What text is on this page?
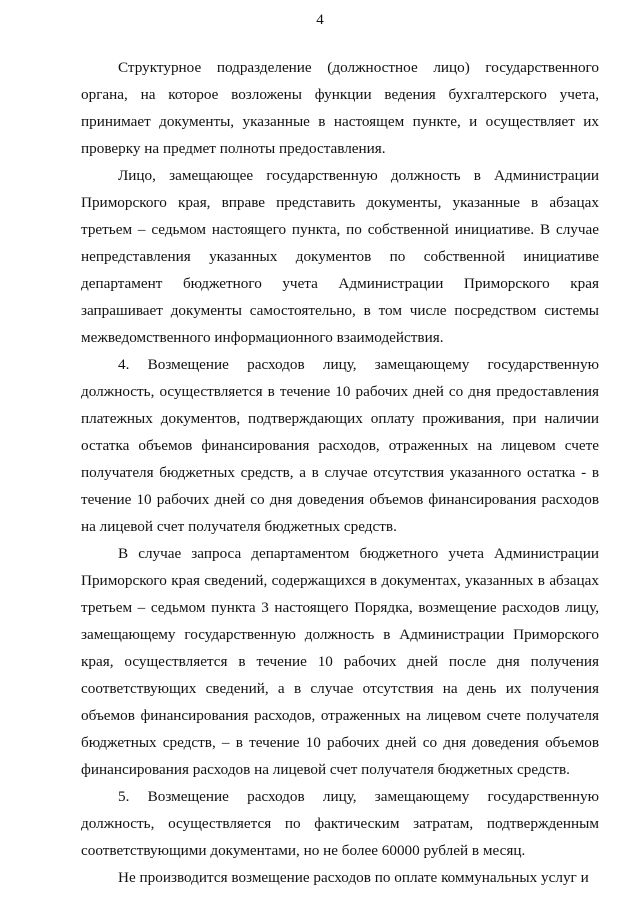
4

Структурное подразделение (должностное лицо) государственного органа, на которое возложены функции ведения бухгалтерского учета, принимает документы, указанные в настоящем пункте, и осуществляет их проверку на предмет полноты предоставления.

Лицо, замещающее государственную должность в Администрации Приморского края, вправе представить документы, указанные в абзацах третьем – седьмом настоящего пункта, по собственной инициативе. В случае непредставления указанных документов по собственной инициативе департамент бюджетного учета Администрации Приморского края запрашивает документы самостоятельно, в том числе посредством системы межведомственного информационного взаимодействия.

4. Возмещение расходов лицу, замещающему государственную должность, осуществляется в течение 10 рабочих дней со дня предоставления платежных документов, подтверждающих оплату проживания, при наличии остатка объемов финансирования расходов, отраженных на лицевом счете получателя бюджетных средств, а в случае отсутствия указанного остатка - в течение 10 рабочих дней со дня доведения объемов финансирования расходов на лицевой счет получателя бюджетных средств.

В случае запроса департаментом бюджетного учета Администрации Приморского края сведений, содержащихся в документах, указанных в абзацах третьем – седьмом пункта 3 настоящего Порядка, возмещение расходов лицу, замещающему государственную должность в Администрации Приморского края, осуществляется в течение 10 рабочих дней после дня получения соответствующих сведений, а в случае отсутствия на день их получения объемов финансирования расходов, отраженных на лицевом счете получателя бюджетных средств, – в течение 10 рабочих дней со дня доведения объемов финансирования расходов на лицевой счет получателя бюджетных средств.

5. Возмещение расходов лицу, замещающему государственную должность, осуществляется по фактическим затратам, подтвержденным соответствующими документами, но не более 60000 рублей в месяц.

Не производится возмещение расходов по оплате коммунальных услуг и
